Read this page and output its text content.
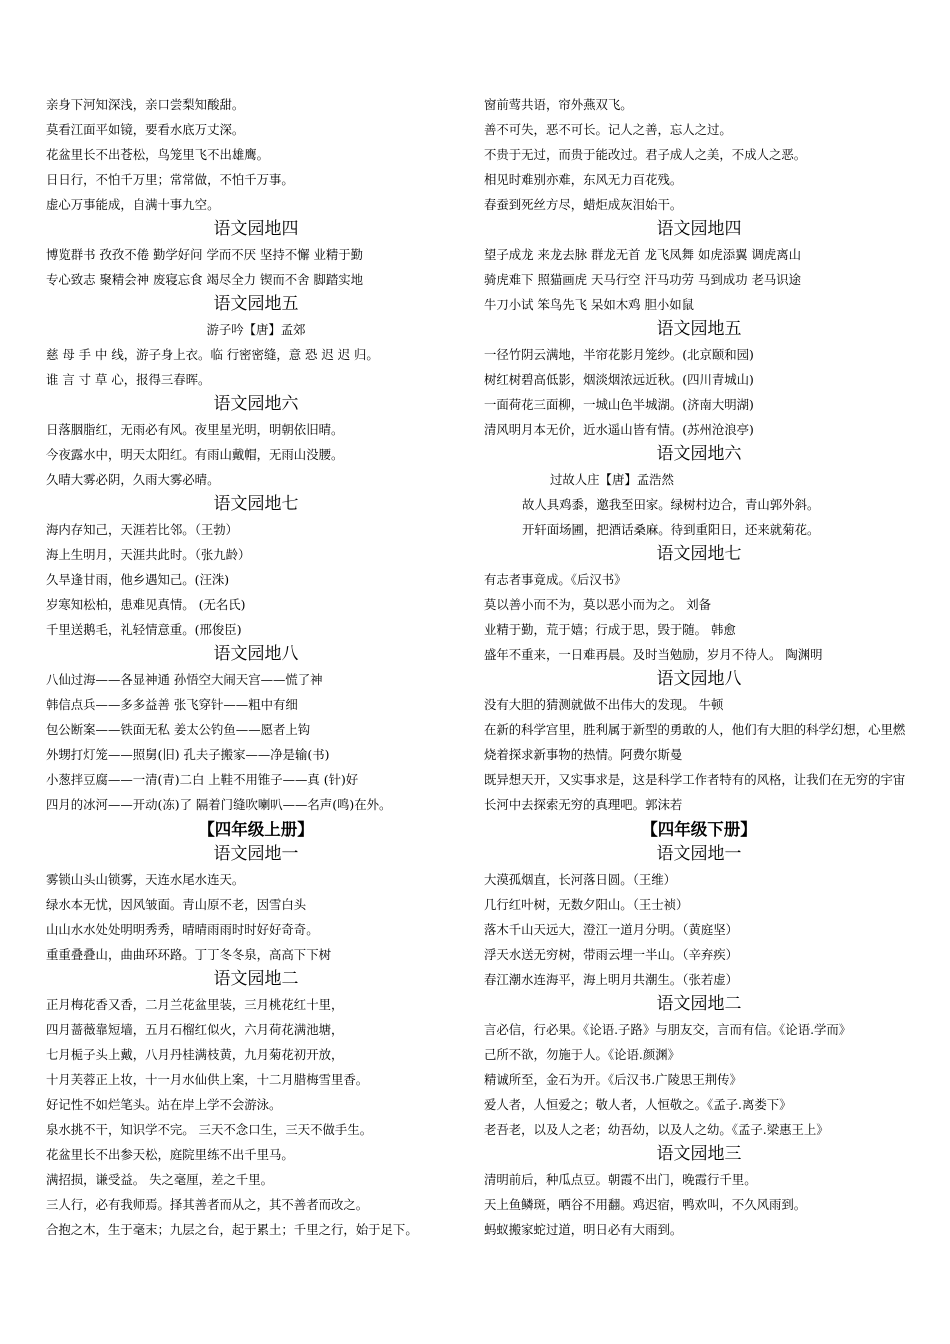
亲身下河知深浅，亲口尝梨知酸甜。
莫看江面平如镜，要看水底万丈深。
花盆里长不出苍松，鸟笼里飞不出雄鹰。
日日行，不怕千万里；常常做，不怕千万事。
虚心万事能成，自满十事九空。
语文园地四
博览群书 孜孜不倦 勤学好问 学而不厌 坚持不懈 业精于勤
专心致志 聚精会神 废寝忘食 竭尽全力 锲而不舍 脚踏实地
语文园地五
游子吟【唐】孟郊
慈 母 手 中 线，游子身上衣。临 行密密缝，意 恐 迟 迟 归。
谁 言 寸 草 心，报得三春晖。
语文园地六
日落胭脂红，无雨必有风。夜里星光明，明朝依旧晴。
今夜露水中，明天太阳红。有雨山戴帽，无雨山没腰。
久晴大雾必阴，久雨大雾必晴。
语文园地七
海内存知己，天涯若比邻。（王勃）
海上生明月，天涯共此时。（张九龄）
久旱逢甘雨，他乡遇知己。(汪洙)
岁寒知松柏，患难见真情。 (无名氏)
千里送鹅毛，礼轻情意重。(邢俊臣)
语文园地八
八仙过海——各显神通 孙悟空大闹天宫——慌了神
韩信点兵——多多益善 张飞穿针——粗中有细
包公断案——铁面无私 姜太公钓鱼——愿者上钩
外甥打灯笼——照舅(旧) 孔夫子搬家——净是输(书)
小葱拌豆腐——一清(青)二白 上鞋不用锥子——真 (针)好
四月的冰河——开动(冻)了 隔着门缝吹喇叭——名声(鸣)在外。
【四年级上册】
语文园地一
雾锁山头山锁雾，天连水尾水连天。
绿水本无忧，因风皱面。青山原不老，因雪白头
山山水水处处明明秀秀，晴晴雨雨时时好好奇奇。
重重叠叠山，曲曲环环路。丁丁冬冬泉，高高下下树
语文园地二
正月梅花香又香，二月兰花盆里装，三月桃花红十里，
四月蔷薇靠短墙，五月石榴红似火，六月荷花满池塘，
七月栀子头上戴，八月丹桂满枝黄，九月菊花初开放，
十月芙蓉正上妆，十一月水仙供上案，十二月腊梅雪里香。
好记性不如烂笔头。站在岸上学不会游泳。
泉水挑不干，知识学不完。 三天不念口生，三天不做手生。
花盆里长不出参天松，庭院里练不出千里马。
满招损，谦受益。 失之毫厘，差之千里。
三人行，必有我师焉。择其善者而从之，其不善者而改之。
合抱之木，生于毫末；九层之台，起于累土；千里之行，始于足下。
窗前莺共语，帘外燕双飞。
善不可失，恶不可长。记人之善，忘人之过。
不贵于无过，而贵于能改过。君子成人之美，不成人之恶。
相见时难别亦难，东风无力百花残。
春蚕到死丝方尽，蜡炬成灰泪始干。
语文园地四
望子成龙 来龙去脉 群龙无首 龙飞凤舞 如虎添翼 调虎离山
骑虎难下 照猫画虎 天马行空 汗马功劳 马到成功 老马识途
牛刀小试 笨鸟先飞 呆如木鸡 胆小如鼠
语文园地五
一径竹阴云满地，半帘花影月笼纱。(北京颐和园)
树红树碧高低影，烟淡烟浓远近秋。(四川青城山)
一面荷花三面柳，一城山色半城湖。(济南大明湖)
清风明月本无价，近水遥山皆有情。(苏州沧浪亭)
语文园地六
过故人庄【唐】孟浩然
故人具鸡黍，邀我至田家。绿树村边合，青山郭外斜。
开轩面场圃，把酒话桑麻。待到重阳日，还来就菊花。
语文园地七
有志者事竟成。《后汉书》
莫以善小而不为，莫以恶小而为之。 刘备
业精于勤，荒于嬉；行成于思，毁于随。 韩愈
盛年不重来，一日难再晨。及时当勉励，岁月不待人。 陶渊明
语文园地八
没有大胆的猜测就做不出伟大的发现。 牛顿
在新的科学宫里，胜利属于新型的勇敢的人，他们有大胆的科学幻想，心里燃烧着探求新事物的热情。阿费尔斯曼
既异想天开，又实事求是，这是科学工作者特有的风格，让我们在无穷的宇宙长河中去探索无穷的真理吧。郭沫若
【四年级下册】
语文园地一
大漠孤烟直，长河落日圆。（王维）
几行红叶树，无数夕阳山。（王士祯）
落木千山天远大，澄江一道月分明。（黄庭坚）
浮天水送无穷树，带雨云埋一半山。（辛弃疾）
春江潮水连海平，海上明月共潮生。（张若虚）
语文园地二
言必信，行必果。《论语.子路》与朋友交，言而有信。《论语.学而》
己所不欲，勿施于人。《论语.颜渊》
精诚所至，金石为开。《后汉书.广陵思王荆传》
爱人者，人恒爱之；敬人者，人恒敬之。《孟子.离娄下》
老吾老，以及人之老；幼吾幼，以及人之幼。《孟子.梁惠王上》
语文园地三
清明前后，种瓜点豆。朝霞不出门，晚霞行千里。
天上鱼鳞斑，晒谷不用翻。鸡迟宿，鸭欢叫，不久风雨到。
蚂蚁搬家蛇过道，明日必有大雨到。
